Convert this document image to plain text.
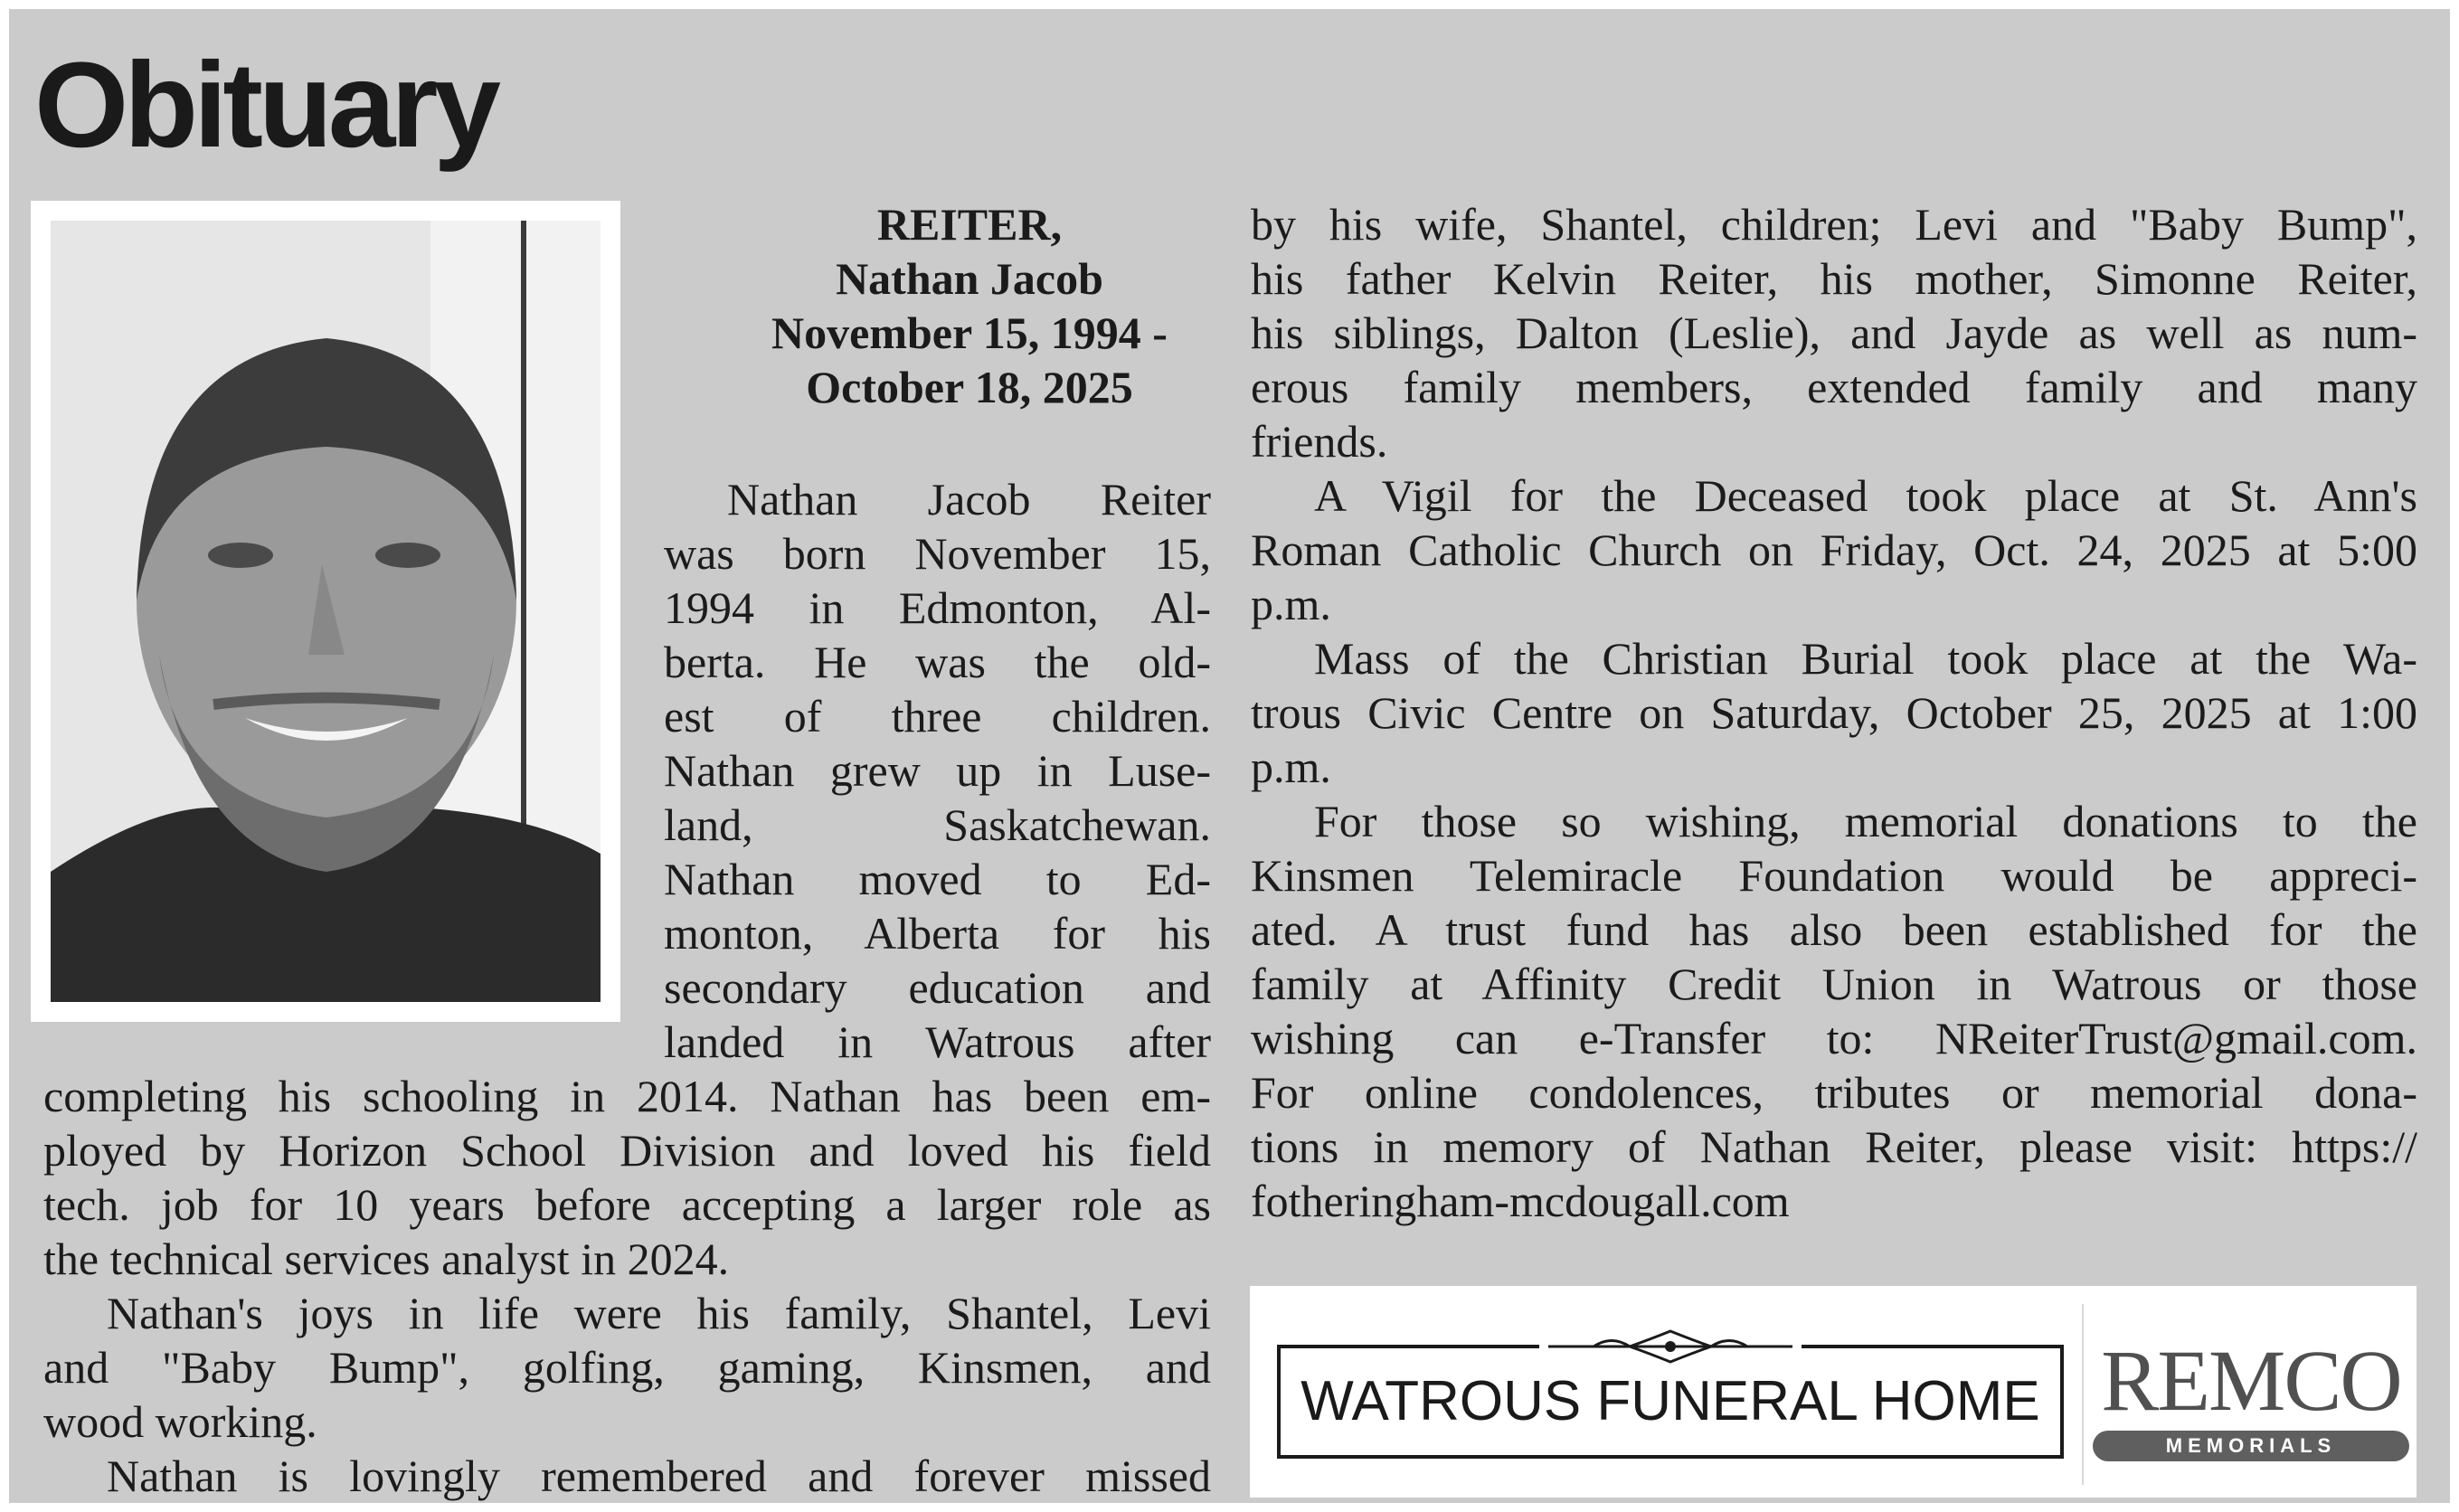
Obituary
REITER,
Nathan Jacob
November 15, 1994 -
October 18, 2025
Nathan Jacob Reiter
was born November 15,
1994 in Edmonton, Al-
berta. He was the old-
est of three children.
Nathan grew up in Luse-
land, Saskatchewan.
Nathan moved to Ed-
monton, Alberta for his
secondary education and
landed in Watrous after
completing his schooling in 2014. Nathan has been em-
ployed by Horizon School Division and loved his field
tech. job for 10 years before accepting a larger role as
the technical services analyst in 2024.
Nathan's joys in life were his family, Shantel, Levi
and "Baby Bump", golfing, gaming, Kinsmen, and
wood working.
Nathan is lovingly remembered and forever missed
by his wife, Shantel, children; Levi and "Baby Bump",
his father Kelvin Reiter, his mother, Simonne Reiter,
his siblings, Dalton (Leslie), and Jayde as well as num-
erous family members, extended family and many
friends.
A Vigil for the Deceased took place at St. Ann's
Roman Catholic Church on Friday, Oct. 24, 2025 at 5:00
p.m.
Mass of the Christian Burial took place at the Wa-
trous Civic Centre on Saturday, October 25, 2025 at 1:00
p.m.
For those so wishing, memorial donations to the
Kinsmen Telemiracle Foundation would be appreci-
ated. A trust fund has also been established for the
family at Affinity Credit Union in Watrous or those
wishing can e-Transfer to: NReiterTrust@gmail.com.
For online condolences, tributes or memorial dona-
tions in memory of Nathan Reiter, please visit: https://
fotheringham-mcdougall.com
WATROUS FUNERAL HOME REMCO
MEMORIALS
